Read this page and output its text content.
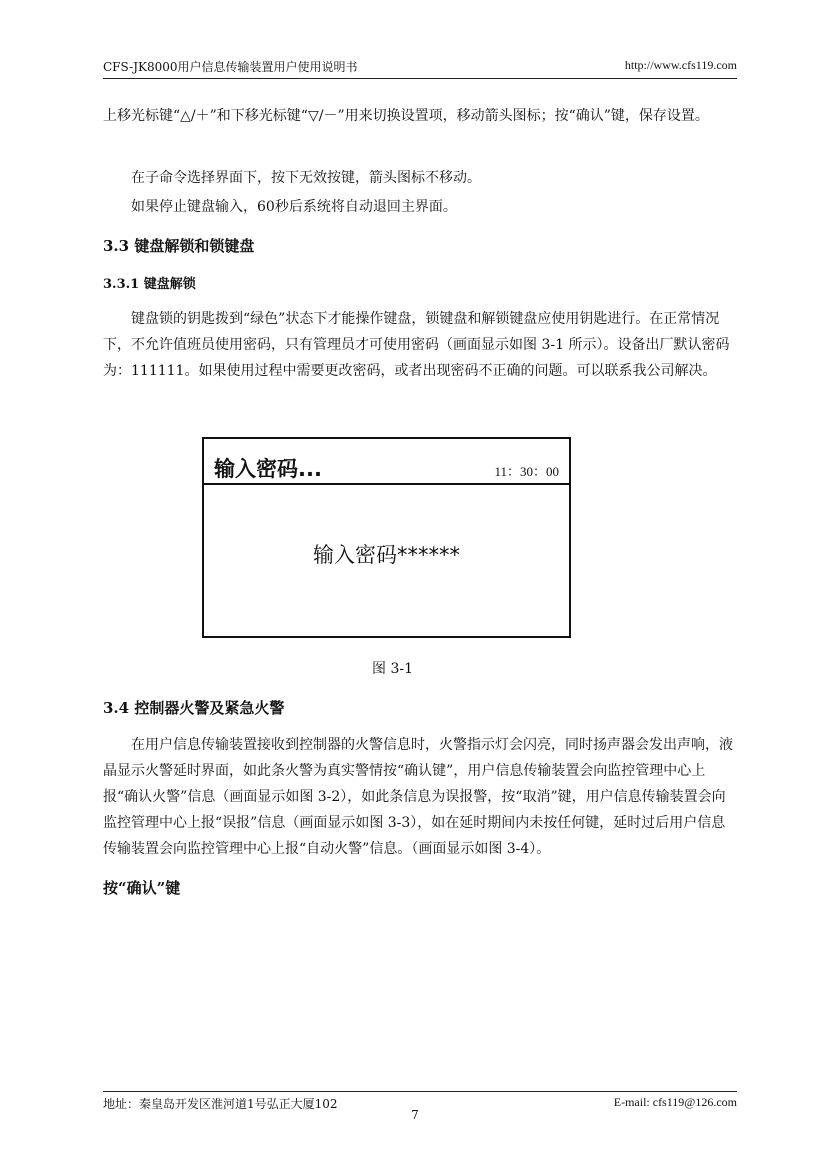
CFS-JK8000用户信息传输装置用户使用说明书	http://www.cfs119.com

上移光标键“△/＋”和下移光标键“▽/－”用来切换设置项，移动箭头图标；按“确认”键，保存设置。

在子命令选择界面下，按下无效按键，箭头图标不移动。

如果停止键盘输入，60秒后系统将自动退回主界面。

3.3 键盘解锁和锁键盘
3.3.1 键盘解锁

键盘锁的钥匙拨到“绿色”状态下才能操作键盘，锁键盘和解锁键盘应使用钥匙进行。在正常情况下，不允许值班员使用密码，只有管理员才可使用密码（画面显示如图 3-1 所示）。设备出厂默认密码为：111111。如果使用过程中需要更改密码，或者出现密码不正确的问题。可以联系我公司解决。

输入密码...	11：30：00
输入密码******
图 3-1
3.4 控制器火警及紧急火警

在用户信息传输装置接收到控制器的火警信息时，火警指示灯会闪亮，同时扬声器会发出声响，液晶显示火警延时界面，如此条火警为真实警情按“确认键”，用户信息传输装置会向监控管理中心上报“确认火警”信息（画面显示如图 3-2），如此条信息为误报警，按“取消”键，用户信息传输装置会向监控管理中心上报“误报”信息（画面显示如图 3-3），如在延时期间内未按任何键，延时过后用户信息传输装置会向监控管理中心上报“自动火警”信息。（画面显示如图 3-4）。

按“确认”键
地址：秦皇岛开发区淮河道1号弘正大厦102	E-mail: cfs119@126.com
7
